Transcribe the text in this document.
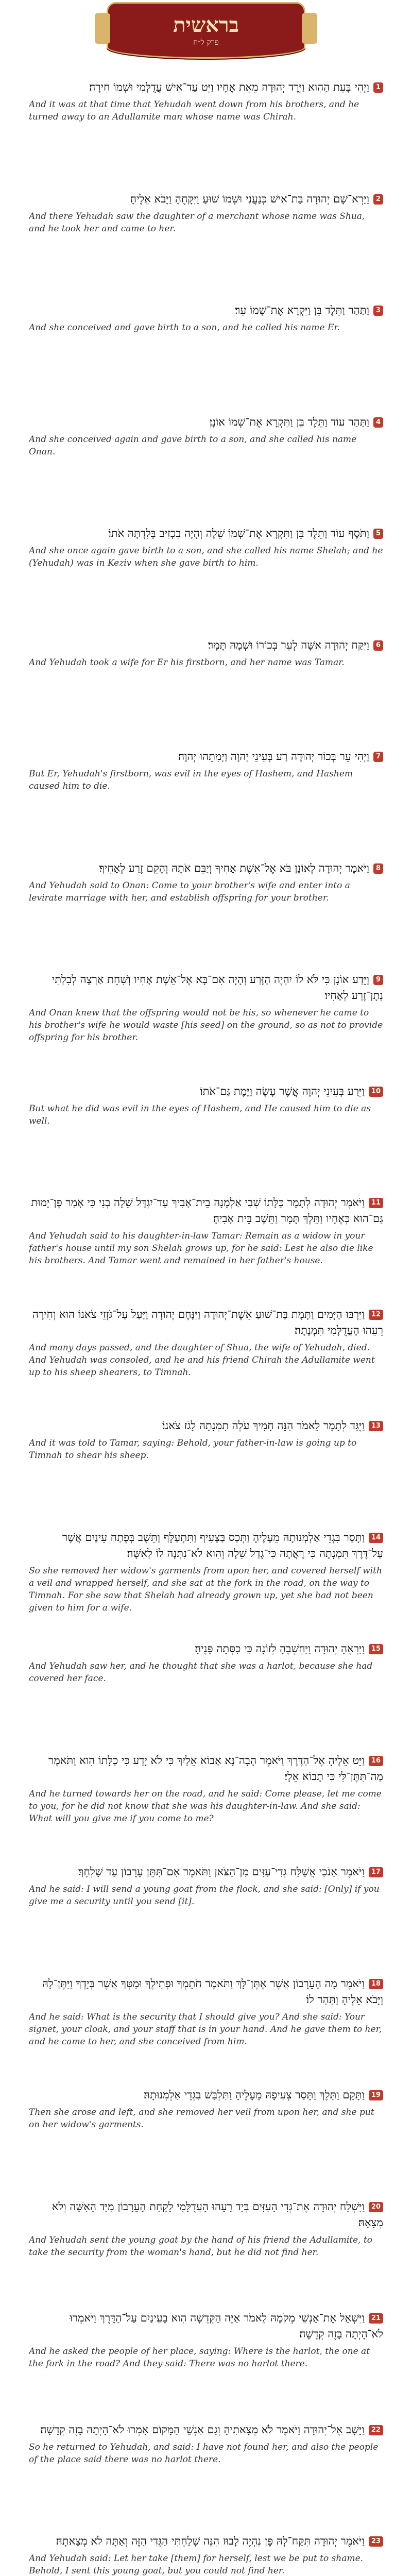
בראשית
פרק ל״ח
1וַיְהִי בָּעֵת הַהִוא וַיֵּרֶד יְהוּדָה מֵאֵת אֶחָיו וַיֵּט עַד־אִישׁ עֲדֻלָּמִי וּשְׁמוֹ חִירָה׃
And it was at that time that Yehudah went down from his brothers, and he turned away to an Adullamite man whose name was Chirah.
2וַיַּרְא־שָׁם יְהוּדָה בַּת־אִישׁ כְּנַעֲנִי וּשְׁמוֹ שׁוּעַ וַיִּקָּחֶהָ וַיָּבֹא אֵלֶיהָ׃
And there Yehudah saw the daughter of a merchant whose name was Shua, and he took her and came to her.
3וַתַּהַר וַתֵּלֶד בֵּן וַיִּקְרָא אֶת־שְׁמוֹ עֵר׃
And she conceived and gave birth to a son, and he called his name Er.
4וַתַּהַר עוֹד וַתֵּלֶד בֵּן וַתִּקְרָא אֶת־שְׁמוֹ אוֹנָן׃
And she conceived again and gave birth to a son, and she called his name Onan.
5וַתֹּסֶף עוֹד וַתֵּלֶד בֵּן וַתִּקְרָא אֶת־שְׁמוֹ שֵׁלָה וְהָיָה בִכְזִיב בְּלִדְתָּהּ אֹתוֹ׃
And she once again gave birth to a son, and she called his name Shelah; and he (Yehudah) was in Keziv when she gave birth to him.
6וַיִּקַּח יְהוּדָה אִשָּׁה לְעֵר בְּכוֹרוֹ וּשְׁמָהּ תָּמָר׃
And Yehudah took a wife for Er his firstborn, and her name was Tamar.
7וַיְהִי עֵר בְּכוֹר יְהוּדָה רַע בְּעֵינֵי יְהוָה וַיְמִתֵהוּ יְהוָה׃
But Er, Yehudah's firstborn, was evil in the eyes of Hashem, and Hashem caused him to die.
8וַיֹּאמֶר יְהוּדָה לְאוֹנָן בֹּא אֶל־אֵשֶׁת אָחִיךָ וְיַבֵּם אֹתָהּ וְהָקֵם זֶרַע לְאָחִיךָ׃
And Yehudah said to Onan: Come to your brother's wife and enter into a levirate marriage with her, and establish offspring for your brother.
9וַיֵּדַע אוֹנָן כִּי לֹּא לוֹ יִהְיֶה הַזָּרַע וְהָיָה אִם־בָּא אֶל־אֵשֶׁת אָחִיו וְשִׁחֵת אַרְצָה לְבִלְתִּי נְתָן־זֶרַע לְאָחִיו׃
And Onan knew that the offspring would not be his, so whenever he came to his brother's wife he would waste [his seed] on the ground, so as not to provide offspring for his brother.
10וַיֵּרַע בְּעֵינֵי יְהוָה אֲשֶׁר עָשָׂה וַיָּמֶת גַּם־אֹתוֹ׃
But what he did was evil in the eyes of Hashem, and He caused him to die as well.
11וַיֹּאמֶר יְהוּדָה לְתָמָר כַּלָּתוֹ שְׁבִי אַלְמָנָה בֵית־אָבִיךְ עַד־יִגְדַּל שֵׁלָה בְנִי כִּי אָמַר פֶּן־יָמוּת גַּם־הוּא כְּאֶחָיו וַתֵּלֶךְ תָּמָר וַתֵּשֶׁב בֵּית אָבִיהָ׃
And Yehudah said to his daughter-in-law Tamar: Remain as a widow in your father's house until my son Shelah grows up, for he said: Lest he also die like his brothers. And Tamar went and remained in her father's house.
12וַיִּרְבּוּ הַיָּמִים וַתָּמָת בַּת־שׁוּעַ אֵשֶׁת־יְהוּדָה וַיִּנָּחֶם יְהוּדָה וַיַּעַל עַל־גֹּזְזֵי צֹאנוֹ הוּא וְחִירָה רֵעֵהוּ הָעֲדֻלָּמִי תִּמְנָתָה׃
And many days passed, and the daughter of Shua, the wife of Yehudah, died. And Yehudah was consoled, and he and his friend Chirah the Adullamite went up to his sheep shearers, to Timnah.
13וַיֻּגַּד לְתָמָר לֵאמֹר הִנֵּה חָמִיךְ עֹלֶה תִמְנָתָה לָגֹז צֹאנוֹ׃
And it was told to Tamar, saying: Behold, your father-in-law is going up to Timnah to shear his sheep.
14וַתָּסַר בִּגְדֵי אַלְמְנוּתָהּ מֵעָלֶיהָ וַתְּכַס בַּצָּעִיף וַתִּתְעַלָּף וַתֵּשֶׁב בְּפֶתַח עֵינַיִם אֲשֶׁר עַל־דֶּרֶךְ תִּמְנָתָה כִּי רָאֲתָה כִּי־גָדַל שֵׁלָה וְהִוא לֹא־נִתְּנָה לוֹ לְאִשָּׁה׃
So she removed her widow's garments from upon her, and covered herself with a veil and wrapped herself, and she sat at the fork in the road, on the way to Timnah. For she saw that Shelah had already grown up, yet she had not been given to him for a wife.
15וַיִּרְאֶהָ יְהוּדָה וַיַּחְשְׁבֶהָ לְזוֹנָה כִּי כִסְּתָה פָּנֶיהָ׃
And Yehudah saw her, and he thought that she was a harlot, because she had covered her face.
16וַיֵּט אֵלֶיהָ אֶל־הַדֶּרֶךְ וַיֹּאמֶר הָבָה־נָּא אָבוֹא אֵלַיִךְ כִּי לֹא יָדַע כִּי כַלָּתוֹ הִוא וַתֹּאמֶר מַה־תִּתֶּן־לִּי כִּי תָבוֹא אֵלָי׃
And he turned towards her on the road, and he said: Come please, let me come to you, for he did not know that she was his daughter-in-law. And she said: What will you give me if you come to me?
17וַיֹּאמֶר אָנֹכִי אֲשַׁלַּח גְּדִי־עִזִּים מִן־הַצֹּאן וַתֹּאמֶר אִם־תִּתֵּן עֵרָבוֹן עַד שָׁלְחֶךָ׃
And he said: I will send a young goat from the flock, and she said: [Only] if you give me a security until you send [it].
18וַיֹּאמֶר מָה הָעֵרָבוֹן אֲשֶׁר אֶתֶּן־לָּךְ וַתֹּאמֶר חֹתָמְךָ וּפְתִילֶךָ וּמַטְּךָ אֲשֶׁר בְּיָדֶךָ וַיִּתֶּן־לָהּ וַיָּבֹא אֵלֶיהָ וַתַּהַר לוֹ׃
And he said: What is the security that I should give you? And she said: Your signet, your cloak, and your staff that is in your hand. And he gave them to her, and he came to her, and she conceived from him.
19וַתָּקָם וַתֵּלֶךְ וַתָּסַר צְעִיפָהּ מֵעָלֶיהָ וַתִּלְבַּשׁ בִּגְדֵי אַלְמְנוּתָהּ׃
Then she arose and left, and she removed her veil from upon her, and she put on her widow's garments.
20וַיִּשְׁלַח יְהוּדָה אֶת־גְּדִי הָעִזִּים בְּיַד רֵעֵהוּ הָעֲדֻלָּמִי לָקַחַת הָעֵרָבוֹן מִיַּד הָאִשָּׁה וְלֹא מְצָאָהּ׃
And Yehudah sent the young goat by the hand of his friend the Adullamite, to take the security from the woman's hand, but he did not find her.
21וַיִּשְׁאַל אֶת־אַנְשֵׁי מְקֹמָהּ לֵאמֹר אַיֵּה הַקְּדֵשָׁה הִוא בָעֵינַיִם עַל־הַדָּרֶךְ וַיֹּאמְרוּ לֹא־הָיְתָה בָזֶה קְדֵשָׁה׃
And he asked the people of her place, saying: Where is the harlot, the one at the fork in the road? And they said: There was no harlot there.
22וַיָּשָׁב אֶל־יְהוּדָה וַיֹּאמֶר לֹא מְצָאתִיהָ וְגַם אַנְשֵׁי הַמָּקוֹם אָמְרוּ לֹא־הָיְתָה בָזֶה קְדֵשָׁה׃
So he returned to Yehudah, and said: I have not found her, and also the people of the place said there was no harlot there.
23וַיֹּאמֶר יְהוּדָה תִּקַּח־לָהּ פֶּן נִהְיֶה לָבוּז הִנֵּה שָׁלַחְתִּי הַגְּדִי הַזֶּה וְאַתָּה לֹא מְצָאתָהּ׃
And Yehudah said: Let her take [them] for herself, lest we be put to shame. Behold, I sent this young goat, but you could not find her.
